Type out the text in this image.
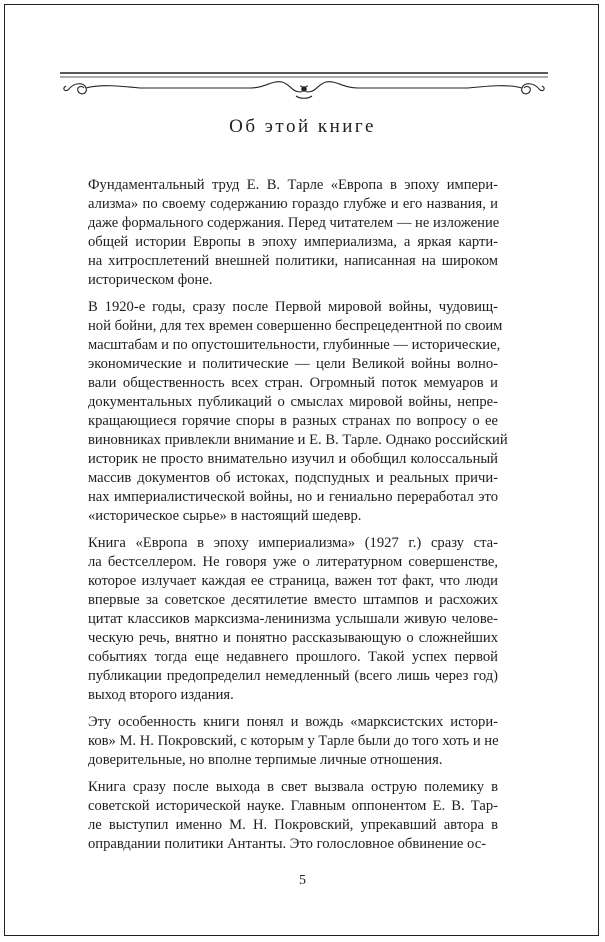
Об этой книге
Фундаментальный труд Е. В. Тарле «Европа в эпоху импери-
ализма» по своему содержанию гораздо глубже и его названия, и
даже формального содержания. Перед читателем — не изложение
общей истории Европы в эпоху империализма, а яркая карти-
на хитросплетений внешней политики, написанная на широком
историческом фоне.
В 1920-е годы, сразу после Первой мировой войны, чудовищ-
ной бойни, для тех времен совершенно беспрецедентной по своим
масштабам и по опустошительности, глубинные — исторические,
экономические и политические — цели Великой войны волно-
вали общественность всех стран. Огромный поток мемуаров и
документальных публикаций о смыслах мировой войны, непре-
кращающиеся горячие споры в разных странах по вопросу о ее
виновниках привлекли внимание и Е. В. Тарле. Однако российский
историк не просто внимательно изучил и обобщил колоссальный
массив документов об истоках, подспудных и реальных причи-
нах империалистической войны, но и гениально переработал это
«историческое сырье» в настоящий шедевр.
Книга «Европа в эпоху империализма» (1927 г.) сразу ста-
ла бестселлером. Не говоря уже о литературном совершенстве,
которое излучает каждая ее страница, важен тот факт, что люди
впервые за советское десятилетие вместо штампов и расхожих
цитат классиков марксизма-ленинизма услышали живую челове-
ческую речь, внятно и понятно рассказывающую о сложнейших
событиях тогда еще недавнего прошлого. Такой успех первой
публикации предопределил немедленный (всего лишь через год)
выход второго издания.
Эту особенность книги понял и вождь «марксистских истори-
ков» М. Н. Покровский, с которым у Тарле были до того хоть и не
доверительные, но вполне терпимые личные отношения.
Книга сразу после выхода в свет вызвала острую полемику в
советской исторической науке. Главным оппонентом Е. В. Тар-
ле выступил именно М. Н. Покровский, упрекавший автора в
оправдании политики Антанты. Это голословное обвинение ос-
5
